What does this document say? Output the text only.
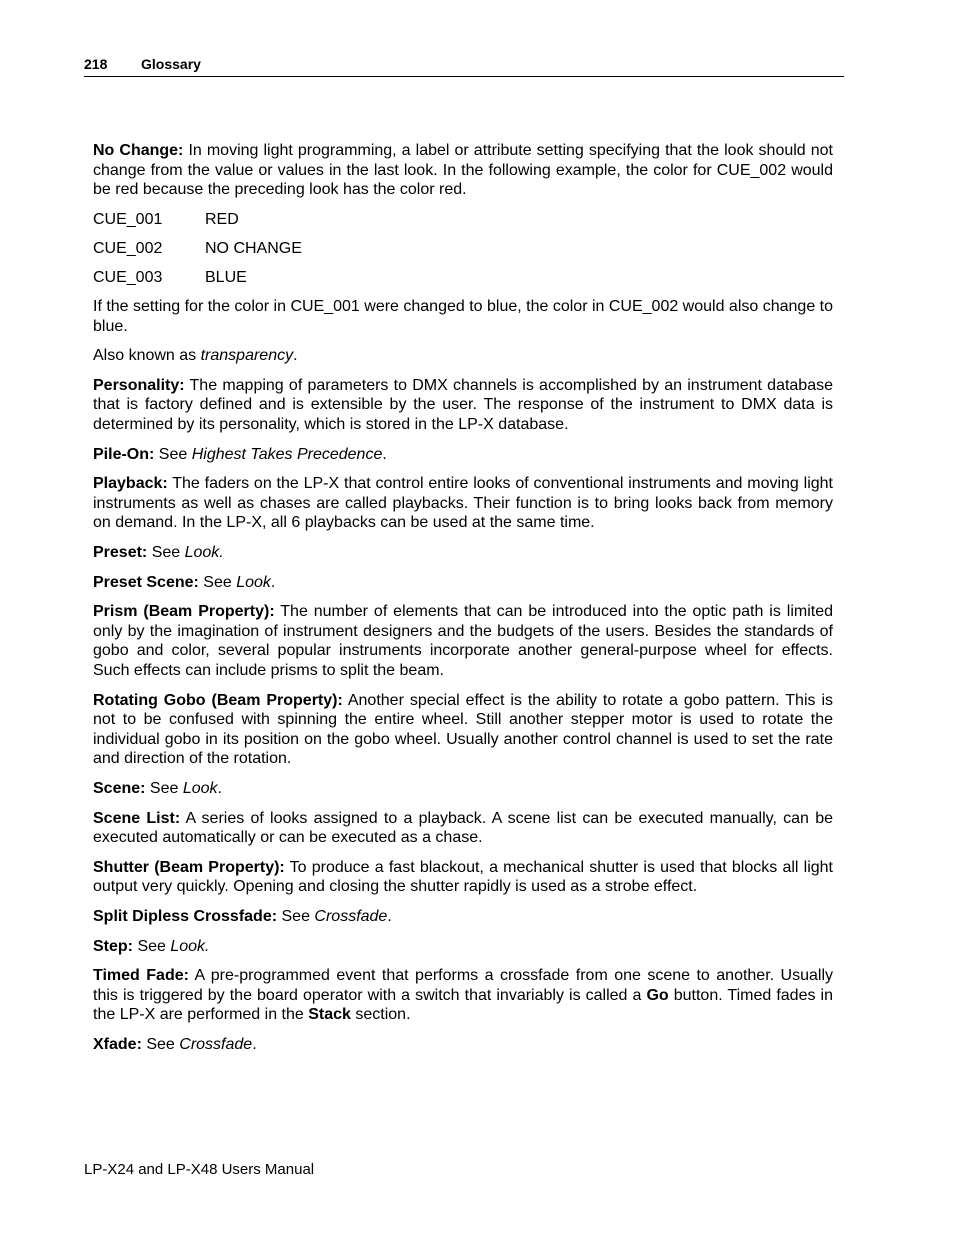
218 Glossary

No Change: In moving light programming, a label or attribute setting specifying that the look should not change from the value or values in the last look. In the following example, the color for CUE_002 would be red because the preceding look has the color red.

CUE_001	RED
CUE_002	NO CHANGE
CUE_003	BLUE

If the setting for the color in CUE_001 were changed to blue, the color in CUE_002 would also change to blue.

Also known as transparency.

Personality: The mapping of parameters to DMX channels is accomplished by an instrument database that is factory defined and is extensible by the user. The response of the instrument to DMX data is determined by its personality, which is stored in the LP-X database.

Pile-On: See Highest Takes Precedence.

Playback: The faders on the LP-X that control entire looks of conventional instruments and moving light instruments as well as chases are called playbacks. Their function is to bring looks back from memory on demand. In the LP-X, all 6 playbacks can be used at the same time.

Preset: See Look.

Preset Scene: See Look.

Prism (Beam Property): The number of elements that can be introduced into the optic path is limited only by the imagination of instrument designers and the budgets of the users. Besides the standards of gobo and color, several popular instruments incorporate another general-purpose wheel for effects. Such effects can include prisms to split the beam.

Rotating Gobo (Beam Property): Another special effect is the ability to rotate a gobo pattern. This is not to be confused with spinning the entire wheel. Still another stepper motor is used to rotate the individual gobo in its position on the gobo wheel. Usually another control channel is used to set the rate and direction of the rotation.

Scene: See Look.

Scene List: A series of looks assigned to a playback. A scene list can be executed manually, can be executed automatically or can be executed as a chase.

Shutter (Beam Property): To produce a fast blackout, a mechanical shutter is used that blocks all light output very quickly. Opening and closing the shutter rapidly is used as a strobe effect.

Split Dipless Crossfade: See Crossfade.

Step: See Look.

Timed Fade: A pre-programmed event that performs a crossfade from one scene to another. Usually this is triggered by the board operator with a switch that invariably is called a Go button. Timed fades in the LP-X are performed in the Stack section.

Xfade: See Crossfade.

LP-X24 and LP-X48 Users Manual
